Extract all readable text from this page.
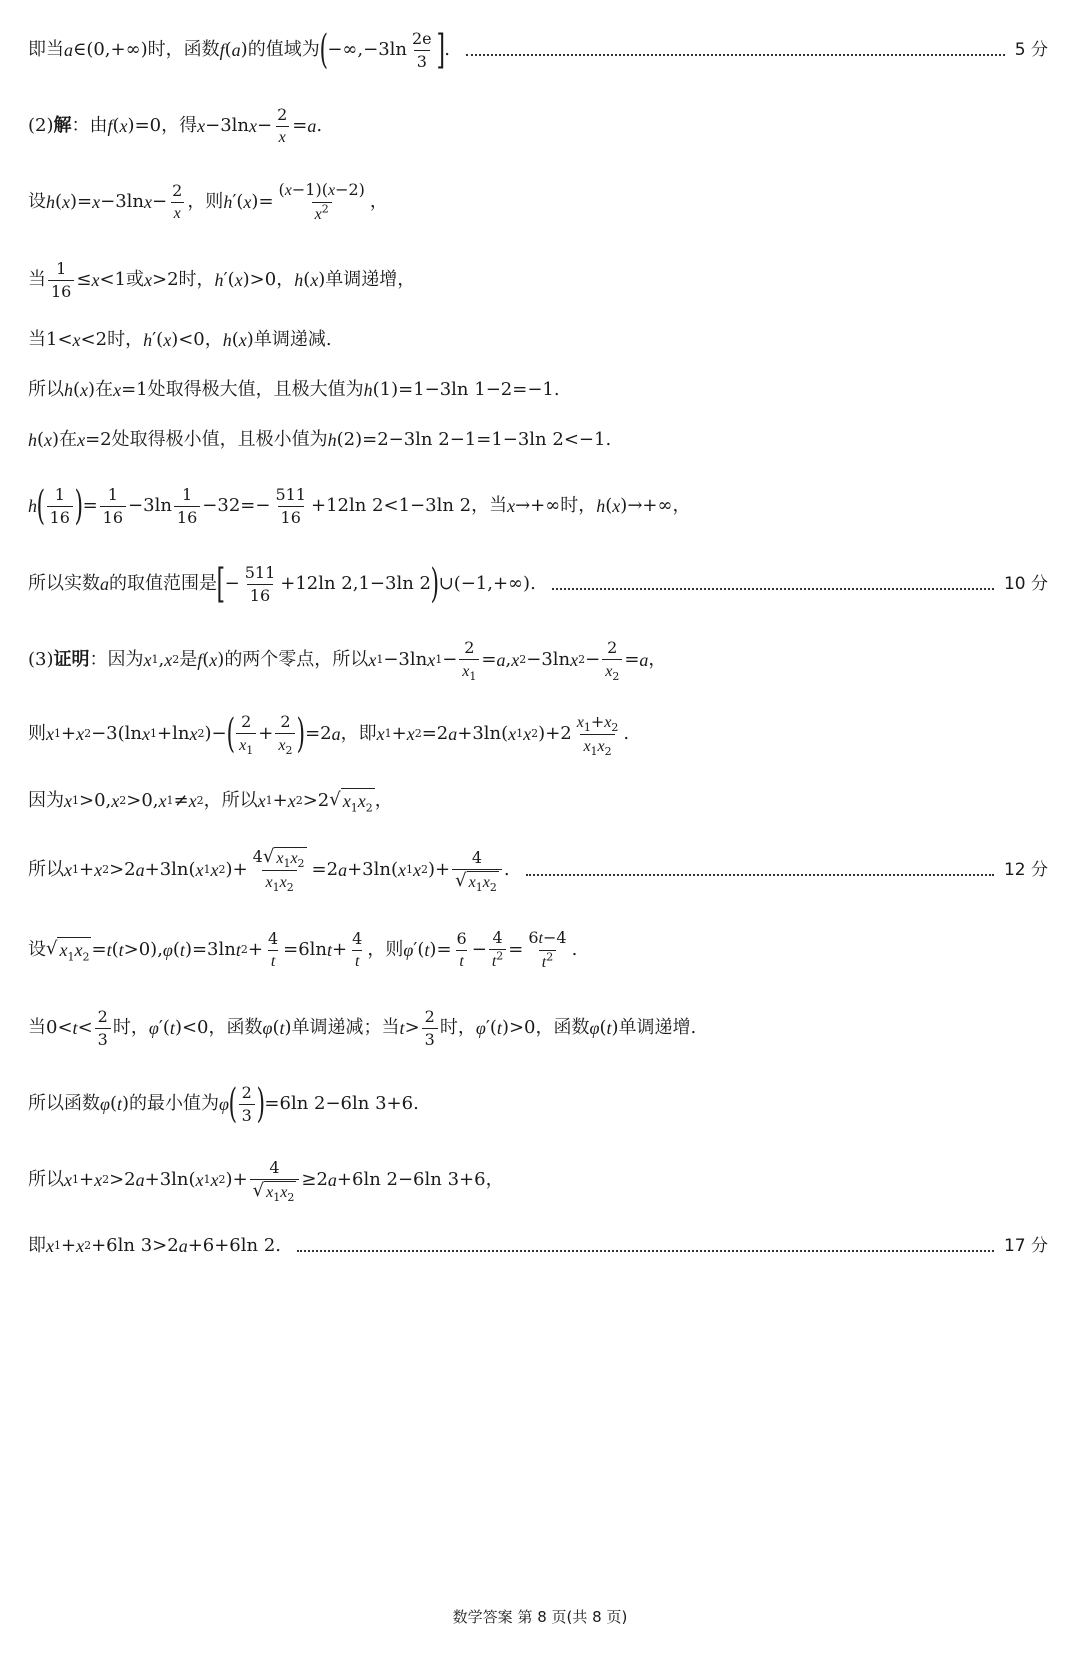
即当 a ∈(0,+∞) 时，函数 f ( a ) 的值域为 ( $-\infty,-3\ln \frac{2e}{3}$ ] .	5 分
(2) 解 ：由 f ( x )=0 ，得 x −3ln $x - \frac{2}{x} = a$ .
设 h ( x )= x −3ln $x - \frac{2}{x}$ ，则 h ′( x )= $\frac{(x-1)(x-2)}{x^2}$ ，
当 $\frac{1}{16} \le x <1$ 或 x >2 时， h ′( x )>0 ， h ( x ) 单调递增，
当 1< x <2 时， h ′( x )<0 ， h ( x ) 单调递减.
所以 h ( x ) 在 x =1 处取得极大值，且极大值为 h (1)=1−3ln 1−2=−1 .
h ( x ) 在 x =2 处取得极小值，且极小值为 h (2)=2−3ln 2−1=1−3ln 2<−1 .
h ( $\frac{1}{16}$ ) = $\frac{1}{16} -3\ln \frac{1}{16} -32=- \frac{511}{16} +12\ln$ 2<1−3ln 2 ，当 x →+∞ 时， h ( x )→+∞ ，
所以实数 a 的取值范围是 [ − $\frac{511}{16} +12\ln$ 2,1−3ln 2 ) ∪(−1,+∞) .	10 分
(3) 证明 ：因为 x 1 , x 2 是 f ( x ) 的两个零点，所以 x 1 −3ln x $1 - \frac{2}{x_1} = a$ , x 2 −3ln x $2 - \frac{2}{x_2} = a$ ，
则 x 1 + x 2 −3(ln x 1 +ln x 2 )− ( $\frac{2}{x_1} + \frac{2}{x_2}$ ) =2 a ，即 x 1 + x 2 =2 a +3ln( x 1 x 2 )$+2 \frac{x_1+x_2}{x_1x_2}$ .
因为 x 1 >0, x 2 >0, x 1 ≠ x 2 ，所以 x 1 + x 2 >2 √ $x_1x_2$ ，
所以 x 1 + x 2 >2 a +3ln( x 1 x 2 )+ $\frac{4 √ x_1x_2}{x_1x_2} =2$ a +3ln( x 1 x 2 )+ $\frac{4}{√ x_1x_2}$ .	12 分
设 √ $x_1x_2 = t$ ( t >0), φ ( t )=3ln t $2 + \frac{4}{t} =6\ln$ $t + \frac{4}{t}$ ，则 φ ′( t )= $\frac{6}{t} - \frac{4}{t^2} = \frac{6t-4}{t^2}$ .
当 $0< t < \frac{2}{3}$ 时， φ ′( t )<0 ，函数 φ ( t ) 单调递减；当 $t > \frac{2}{3}$ 时， φ ′( t )>0 ，函数 φ ( t ) 单调递增.
所以函数 φ ( t ) 的最小值为 φ ( $\frac{2}{3}$ ) =6ln 2−6ln 3+6 .
所以 x 1 + x 2 >2 a +3ln( x 1 x 2 )+ $\frac{4}{√ x_1x_2} \ge 2$ a +6ln 2−6ln 3+6 ，
即 x 1 + x 2 +6ln 3>2 a +6+6ln 2 .	17 分
数学答案 第 8 页(共 8 页)
